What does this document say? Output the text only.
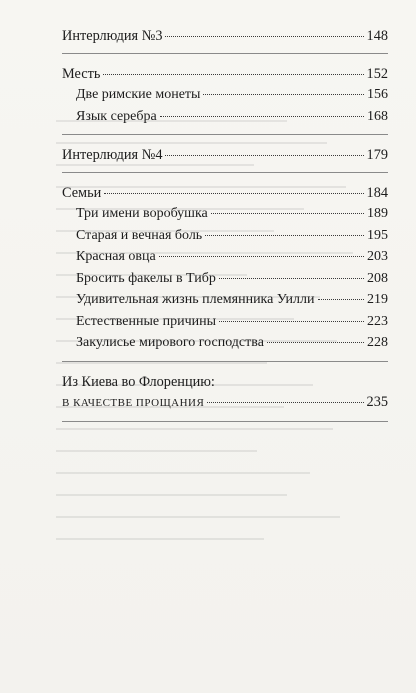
Интерлюдия №3	148
Месть	152
Две римские монеты	156
Язык серебра	168
Интерлюдия №4	179
Семьи	184
Три имени воробушка	189
Старая и вечная боль	195
Красная овца	203
Бросить факелы в Тибр	208
Удивительная жизнь племянника Уилли	219
Естественные причины	223
Закулисье мирового господства	228
Из Киева во Флоренцию:
В КАЧЕСТВЕ ПРОЩАНИЯ	235
